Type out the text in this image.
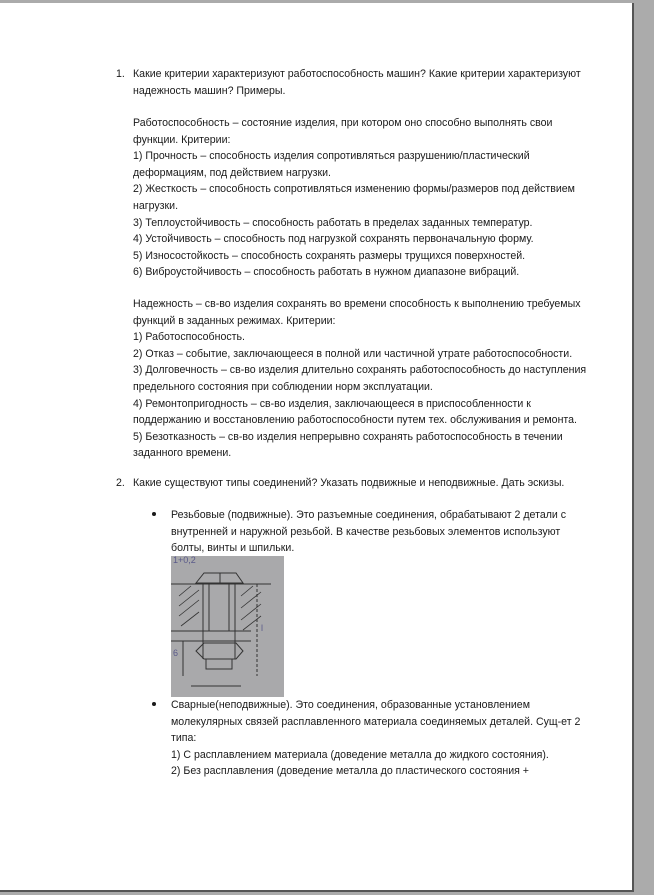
1. Какие критерии характеризуют работоспособность машин? Какие критерии характеризуют
надежность машин? Примеры.
Работоспособность – состояние изделия, при котором оно способно выполнять свои
функции. Критерии:
1) Прочность – способность изделия сопротивляться разрушению/пластический
деформациям, под действием нагрузки.
2) Жесткость – способность сопротивляться изменению формы/размеров под действием
нагрузки.
3) Теплоустойчивость – способность работать в пределах заданных температур.
4) Устойчивость – способность под нагрузкой сохранять первоначальную форму.
5) Износостойкость – способность сохранять размеры трущихся поверхностей.
6) Виброустойчивость – способность работать в нужном диапазоне вибраций.
Надежность – св-во изделия сохранять во времени способность к выполнению требуемых
функций в заданных режимах. Критерии:
1) Работоспособность.
2) Отказ – событие, заключающееся в полной или частичной утрате работоспособности.
3) Долговечность – св-во изделия длительно сохранять работоспособность до наступления
предельного состояния при соблюдении норм эксплуатации.
4) Ремонтопригодность – св-во изделия, заключающееся в приспособленности к
поддержанию и восстановлению работоспособности путем тех. обслуживания и ремонта.
5) Безотказность – св-во изделия непрерывно сохранять работоспособность в течении
заданного времени.
2. Какие существуют типы соединений? Указать подвижные и неподвижные. Дать эскизы.
Резьбовые (подвижные). Это разъемные соединения, обрабатывают 2 детали с
внутренней и наружной резьбой. В качестве резьбовых элементов используют
болты, винты и шпильки.
1+0,2
6
l
Сварные(неподвижные). Это соединения, образованные установлением
молекулярных связей расплавленного материала соединяемых деталей. Сущ-ет 2
типа:
1) С расплавлением материала (доведение металла до жидкого состояния).
2) Без расплавления (доведение металла до пластического состояния +
